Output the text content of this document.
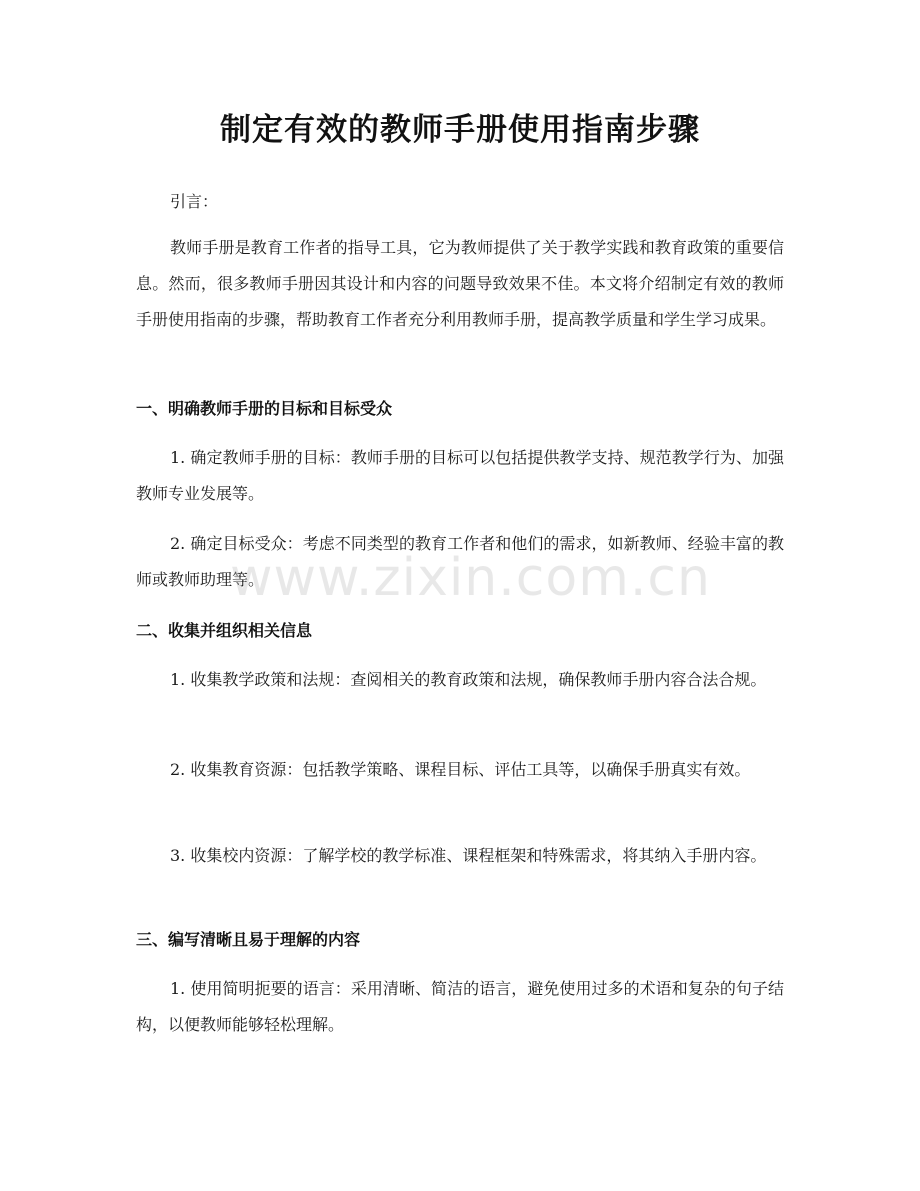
制定有效的教师手册使用指南步骤

引言：

教师手册是教育工作者的指导工具，它为教师提供了关于教学实践和教育政策的重要信息。然而，很多教师手册因其设计和内容的问题导致效果不佳。本文将介绍制定有效的教师手册使用指南的步骤，帮助教育工作者充分利用教师手册，提高教学质量和学生学习成果。

一、明确教师手册的目标和目标受众

1. 确定教师手册的目标：教师手册的目标可以包括提供教学支持、规范教学行为、加强教师专业发展等。

2. 确定目标受众：考虑不同类型的教育工作者和他们的需求，如新教师、经验丰富的教师或教师助理等。

二、收集并组织相关信息

1. 收集教学政策和法规：查阅相关的教育政策和法规，确保教师手册内容合法合规。

2. 收集教育资源：包括教学策略、课程目标、评估工具等，以确保手册真实有效。

3. 收集校内资源：了解学校的教学标准、课程框架和特殊需求，将其纳入手册内容。

三、编写清晰且易于理解的内容

1. 使用简明扼要的语言：采用清晰、简洁的语言，避免使用过多的术语和复杂的句子结构，以便教师能够轻松理解。

www.zixin.com.cn
